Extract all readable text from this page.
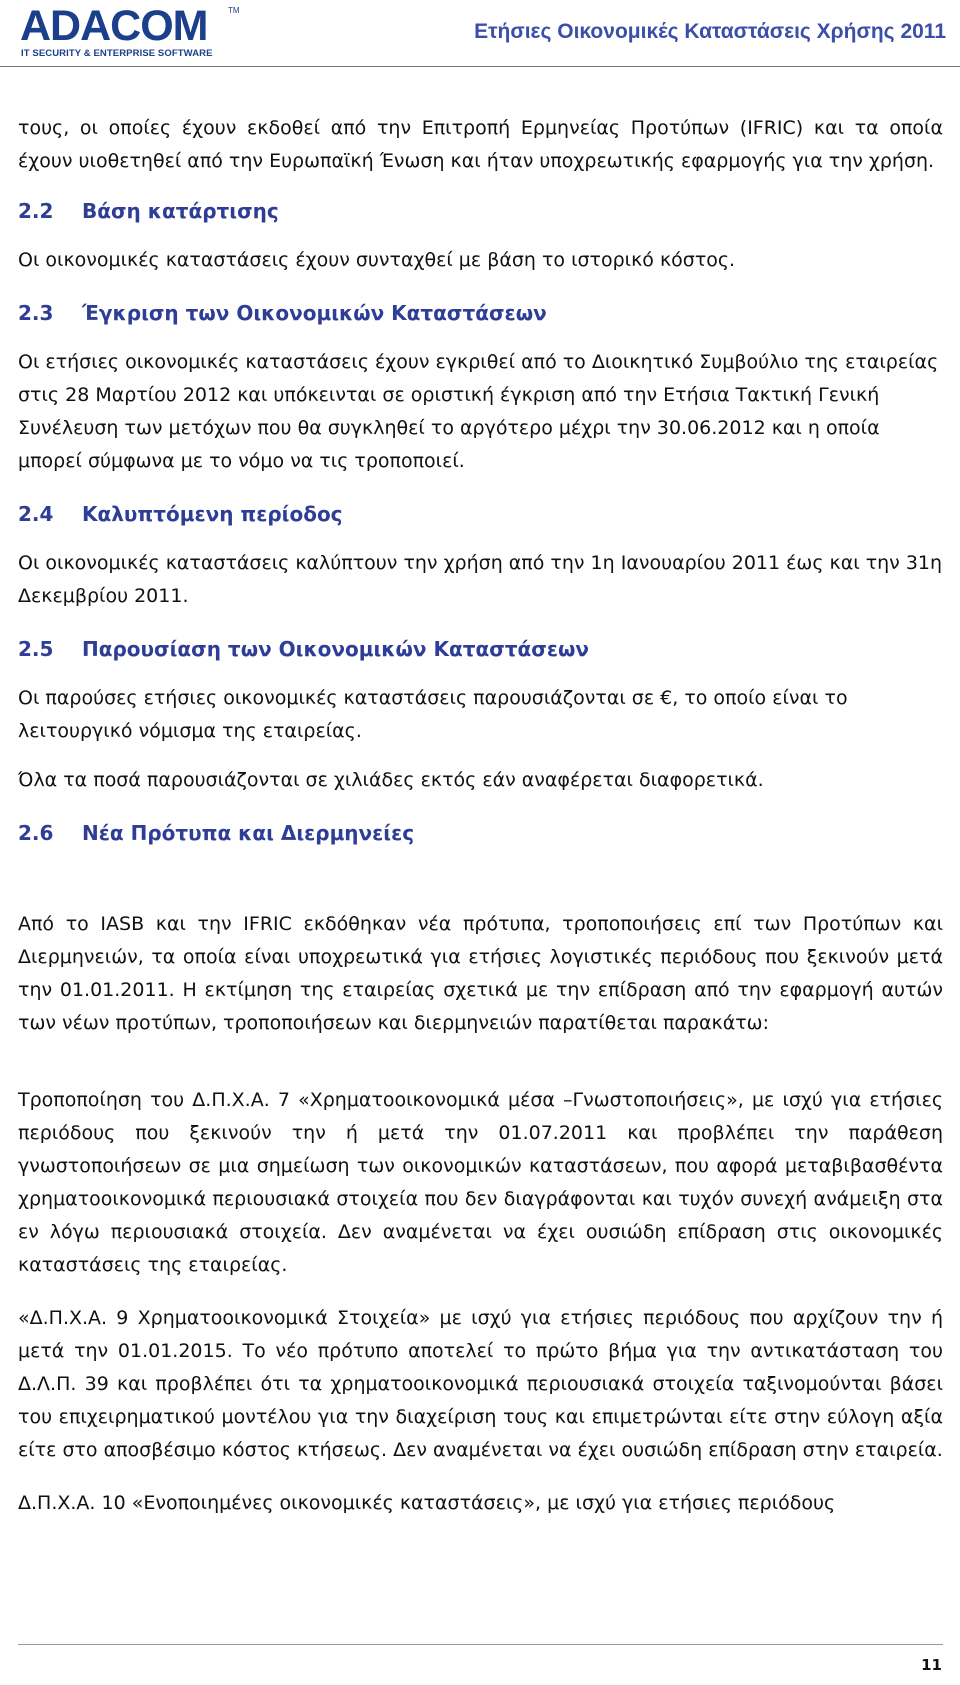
ADACOM	TM
IT SECURITY & ENTERPRISE SOFTWARE
Ετήσιες Οικονομικές Καταστάσεις Χρήσης 2011

τους, οι οποίες έχουν εκδοθεί από την Επιτροπή Ερμηνείας Προτύπων (IFRIC) και τα οποία έχουν υιοθετηθεί από την Ευρωπαϊκή Ένωση και ήταν υποχρεωτικής εφαρμογής για την χρήση.

2.2 Βάση κατάρτισης

Οι οικονομικές καταστάσεις έχουν συνταχθεί με βάση το ιστορικό κόστος.

2.3 Έγκριση των Οικονομικών Καταστάσεων

Οι ετήσιες οικονομικές καταστάσεις έχουν εγκριθεί από το Διοικητικό Συμβούλιο της εταιρείας στις 28 Μαρτίου 2012 και υπόκεινται σε οριστική έγκριση από την Ετήσια Τακτική Γενική Συνέλευση των μετόχων που θα συγκληθεί το αργότερο μέχρι την 30.06.2012 και η οποία μπορεί σύμφωνα με το νόμο να τις τροποποιεί.

2.4 Καλυπτόμενη περίοδος

Οι οικονομικές καταστάσεις καλύπτουν την χρήση από την 1η Ιανουαρίου 2011 έως και την 31η Δεκεμβρίου 2011.

2.5 Παρουσίαση των Οικονομικών Καταστάσεων

Οι παρούσες ετήσιες οικονομικές καταστάσεις παρουσιάζονται σε €, το οποίο είναι το λειτουργικό νόμισμα της εταιρείας.

Όλα τα ποσά παρουσιάζονται σε χιλιάδες εκτός εάν αναφέρεται διαφορετικά.

2.6 Νέα Πρότυπα και Διερμηνείες

Από το IASB και την IFRIC εκδόθηκαν νέα πρότυπα, τροποποιήσεις επί των Προτύπων και Διερμηνειών, τα οποία είναι υποχρεωτικά για ετήσιες λογιστικές περιόδους που ξεκινούν μετά την 01.01.2011. Η εκτίμηση της εταιρείας σχετικά με την επίδραση από την εφαρμογή αυτών των νέων προτύπων, τροποποιήσεων και διερμηνειών παρατίθεται παρακάτω:

Τροποποίηση του Δ.Π.Χ.Α. 7 «Χρηματοοικονομικά μέσα –Γνωστοποιήσεις», με ισχύ για ετήσιες περιόδους που ξεκινούν την ή μετά την 01.07.2011 και προβλέπει την παράθεση γνωστοποιήσεων σε μια σημείωση των οικονομικών καταστάσεων, που αφορά μεταβιβασθέντα χρηματοοικονομικά περιουσιακά στοιχεία που δεν διαγράφονται και τυχόν συνεχή ανάμειξη στα εν λόγω περιουσιακά στοιχεία. Δεν αναμένεται να έχει ουσιώδη επίδραση στις οικονομικές καταστάσεις της εταιρείας.

«Δ.Π.Χ.Α. 9 Χρηματοοικονομικά Στοιχεία» με ισχύ για ετήσιες περιόδους που αρχίζουν την ή μετά την 01.01.2015. Το νέο πρότυπο αποτελεί το πρώτο βήμα για την αντικατάσταση του Δ.Λ.Π. 39 και προβλέπει ότι τα χρηματοοικονομικά περιουσιακά στοιχεία ταξινομούνται βάσει του επιχειρηματικού μοντέλου για την διαχείριση τους και επιμετρώνται είτε στην εύλογη αξία είτε στο αποσβέσιμο κόστος κτήσεως. Δεν αναμένεται να έχει ουσιώδη επίδραση στην εταιρεία.

Δ.Π.Χ.Α. 10 «Ενοποιημένες οικονομικές καταστάσεις», με ισχύ για ετήσιες περιόδους

11
